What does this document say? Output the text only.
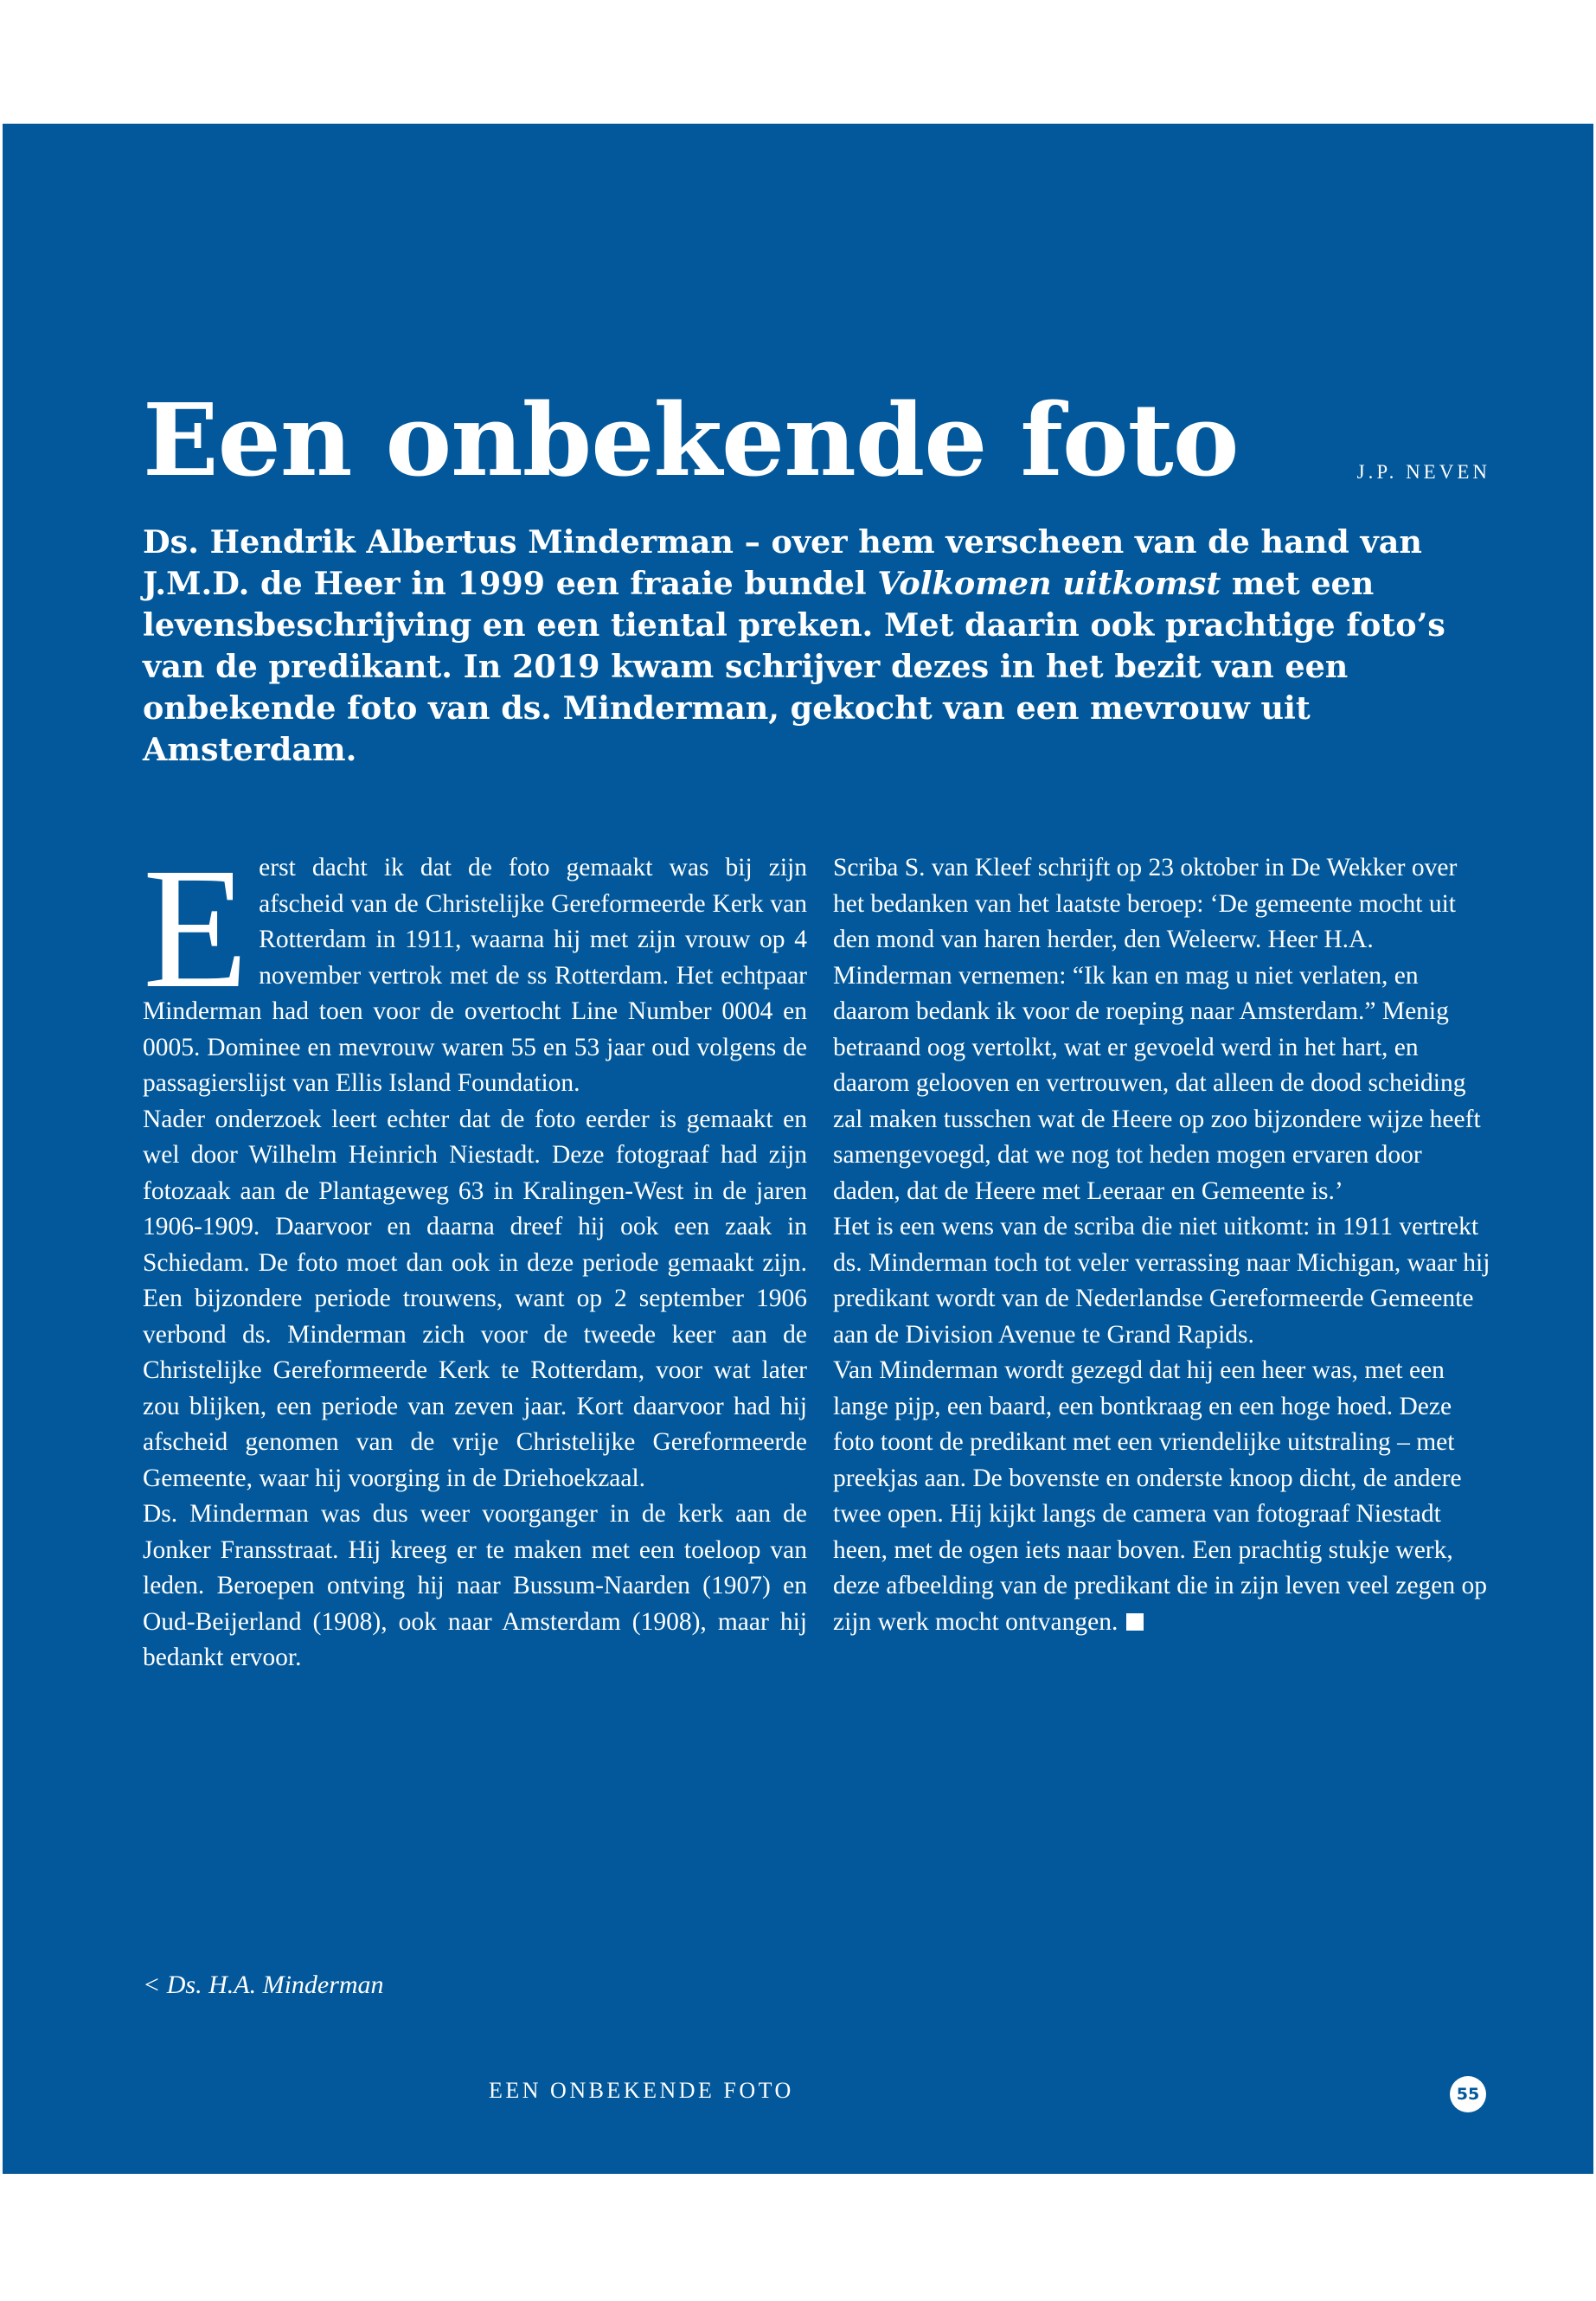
Een onbekende foto	J.P. NEVEN

Ds. Hendrik Albertus Minderman – over hem verscheen van de hand van J.M.D. de Heer in 1999 een fraaie bundel Volkomen uitkomst met een levensbeschrijving en een tiental preken. Met daarin ook prachtige foto’s van de predikant. In 2019 kwam schrijver dezes in het bezit van een onbekende foto van ds. Minderman, gekocht van een mevrouw uit Amsterdam.

Eerst dacht ik dat de foto gemaakt was bij zijn afscheid van de Christelijke Gereformeerde Kerk van Rotterdam in 1911, waarna hij met zijn vrouw op 4 november vertrok met de ss Rotterdam. Het echtpaar Minderman had toen voor de overtocht Line Number 0004 en 0005. Dominee en mevrouw waren 55 en 53 jaar oud volgens de passagierslijst van Ellis Island Foundation.

Nader onderzoek leert echter dat de foto eerder is gemaakt en wel door Wilhelm Heinrich Niestadt. Deze fotograaf had zijn fotozaak aan de Plantageweg 63 in Kralingen-West in de jaren 1906-1909. Daarvoor en daarna dreef hij ook een zaak in Schiedam. De foto moet dan ook in deze periode gemaakt zijn. Een bijzondere periode trouwens, want op 2 september 1906 verbond ds. Minderman zich voor de tweede keer aan de Christelijke Gereformeerde Kerk te Rotterdam, voor wat later zou blijken, een periode van zeven jaar. Kort daarvoor had hij afscheid genomen van de vrije Christelijke Gereformeerde Gemeente, waar hij voorging in de Driehoekzaal.

Ds. Minderman was dus weer voorganger in de kerk aan de Jonker Fransstraat. Hij kreeg er te maken met een toeloop van leden. Beroepen ontving hij naar Bussum-Naarden (1907) en Oud-Beijerland (1908), ook naar Amsterdam (1908), maar hij bedankt ervoor.

Scriba S. van Kleef schrijft op 23 oktober in De Wekker over het bedanken van het laatste beroep: ‘De gemeente mocht uit den mond van haren herder, den Weleerw. Heer H.A. Minderman vernemen: “Ik kan en mag u niet verlaten, en daarom bedank ik voor de roeping naar Amsterdam.” Menig betraand oog vertolkt, wat er gevoeld werd in het hart, en daarom gelooven en vertrouwen, dat alleen de dood scheiding zal maken tusschen wat de Heere op zoo bijzondere wijze heeft samengevoegd, dat we nog tot heden mogen ervaren door daden, dat de Heere met Leeraar en Gemeente is.’

Het is een wens van de scriba die niet uitkomt: in 1911 vertrekt ds. Minderman toch tot veler verrassing naar Michigan, waar hij predikant wordt van de Nederlandse Gereformeerde Gemeente aan de Division Avenue te Grand Rapids.

Van Minderman wordt gezegd dat hij een heer was, met een lange pijp, een baard, een bontkraag en een hoge hoed. Deze foto toont de predikant met een vriendelijke uitstraling – met preekjas aan. De bovenste en onderste knoop dicht, de andere twee open. Hij kijkt langs de camera van fotograaf Niestadt heen, met de ogen iets naar boven. Een prachtig stukje werk, deze afbeelding van de predikant die in zijn leven veel zegen op zijn werk mocht ontvangen.

< Ds. H.A. Minderman
EEN ONBEKENDE FOTO	55
